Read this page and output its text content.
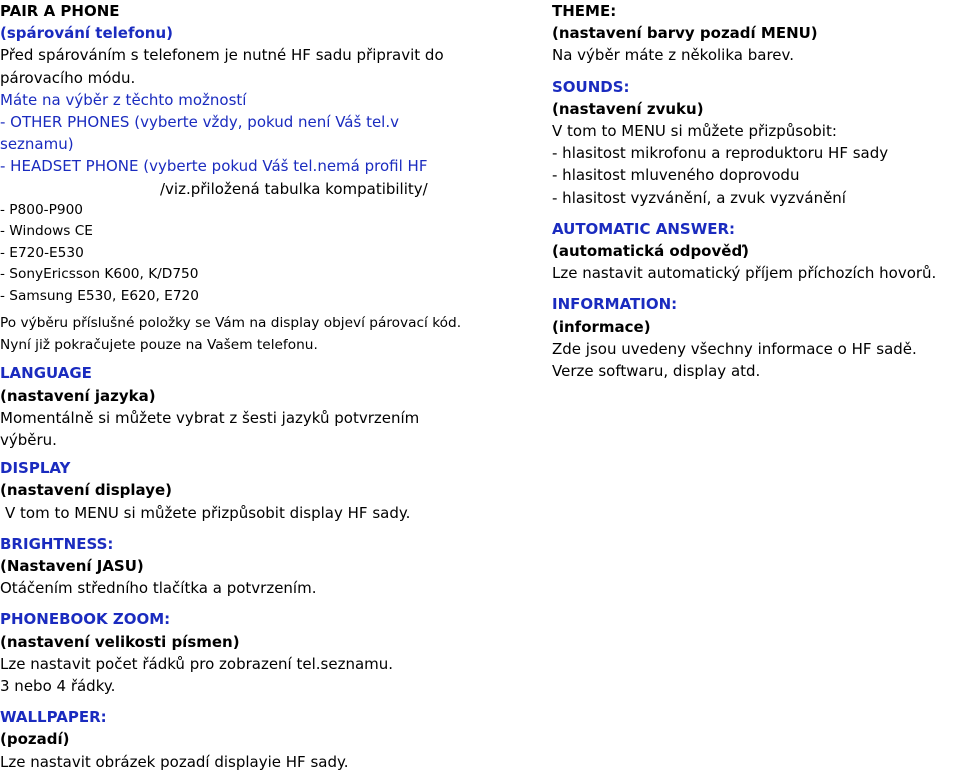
PAIR A PHONE
(spárování telefonu)
Před spárováním s telefonem je nutné HF sadu připravit do
párovacího módu.
Máte na výběr z těchto možností
- OTHER PHONES (vyberte vždy, pokud není Váš tel.v
seznamu)
- HEADSET PHONE (vyberte pokud Váš tel.nemá profil HF
/viz.přiložená tabulka kompatibility/
- P800-P900
- Windows CE
- E720-E530
- SonyEricsson K600, K/D750
- Samsung E530, E620, E720
Po výběru příslušné položky se Vám na display objeví párovací kód.
Nyní již pokračujete pouze na Vašem telefonu.
LANGUAGE
(nastavení jazyka)
Momentálně si můžete vybrat z šesti jazyků potvrzením
výběru.
DISPLAY
(nastavení displaye)
V tom to MENU si můžete přizpůsobit display HF sady.
BRIGHTNESS:
(Nastavení JASU)
Otáčením středního tlačítka a potvrzením.
PHONEBOOK ZOOM:
(nastavení velikosti písmen)
Lze nastavit počet řádků pro zobrazení tel.seznamu.
3 nebo 4 řádky.
WALLPAPER:
(pozadí)
Lze nastavit obrázek pozadí displayie HF sady.
THEME:
(nastavení barvy pozadí MENU)
Na výběr máte z několika barev.
SOUNDS:
(nastavení zvuku)
V tom to MENU si můžete přizpůsobit:
- hlasitost mikrofonu a reproduktoru HF sady
- hlasitost mluveného doprovodu
- hlasitost vyzvánění, a zvuk vyzvánění
AUTOMATIC ANSWER:
(automatická odpověď)
Lze nastavit automatický příjem příchozích hovorů.
INFORMATION:
(informace)
Zde jsou uvedeny všechny informace o HF sadě.
Verze softwaru, display atd.
